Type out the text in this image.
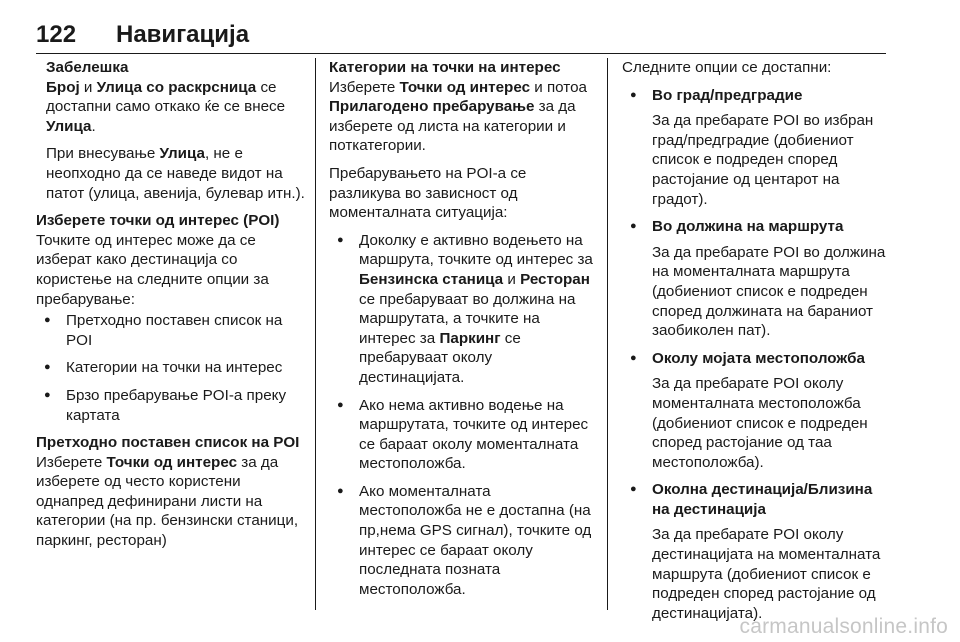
122	Навигација
Забелешка
Број и Улица со раскрсница се достапни само откако ќе се внесе Улица.
При внесување Улица, не е неопходно да се наведе видот на патот (улица, авенија, булевар итн.).
Изберете точки од интерес (POI)
Точките од интерес може да се изберат како дестинација со користење на следните опции за пребарување:
● Претходно поставен список на POI
● Категории на точки на интерес
● Брзо пребарување POI-a преку картата
Претходно поставен список на POI
Изберете Точки од интерес за да изберете од често користени однапред дефинирани листи на категории (на пр. бензински станици, паркинг, ресторан)
Категории на точки на интерес
Изберете Точки од интерес и потоа Прилагодено пребарување за да изберете од листа на категории и поткатегории.
Пребарувањето на POI-a се разликува во зависност од моменталната ситуација:
● Доколку е активно водењето на маршрута, точките од интерес за Бензинска станица и Ресторан се пребаруваат во должина на маршрутата, а точките на интерес за Паркинг се пребаруваат околу дестинацијата.
● Ако нема активно водење на маршрутата, точките од интерес се бараат околу моменталната местоположба.
● Ако моменталната местоположба не е достапна (на пр,нема GPS сигнал), точките од интерес се бараат околу последната позната местоположба.
Следните опции се достапни:
● Во град/предградие
За да пребарате POI во избран град/предградие (добиениот список е подреден според растојание од центарот на градот).
● Во должина на маршрута
За да пребарате POI во должина на моменталната маршрута (добиениот список е подреден според должината на бараниот заобиколен пат).
● Околу мојата местоположба
За да пребарате POI околу моменталната местоположба (добиениот список е подреден според растојание од таа местоположба).
● Околна дестинација/Близина на дестинација
За да пребарате POI околу дестинацијата на моменталната маршрута (добиениот список е подреден според растојание од дестинацијата).
carmanualsonline.info
